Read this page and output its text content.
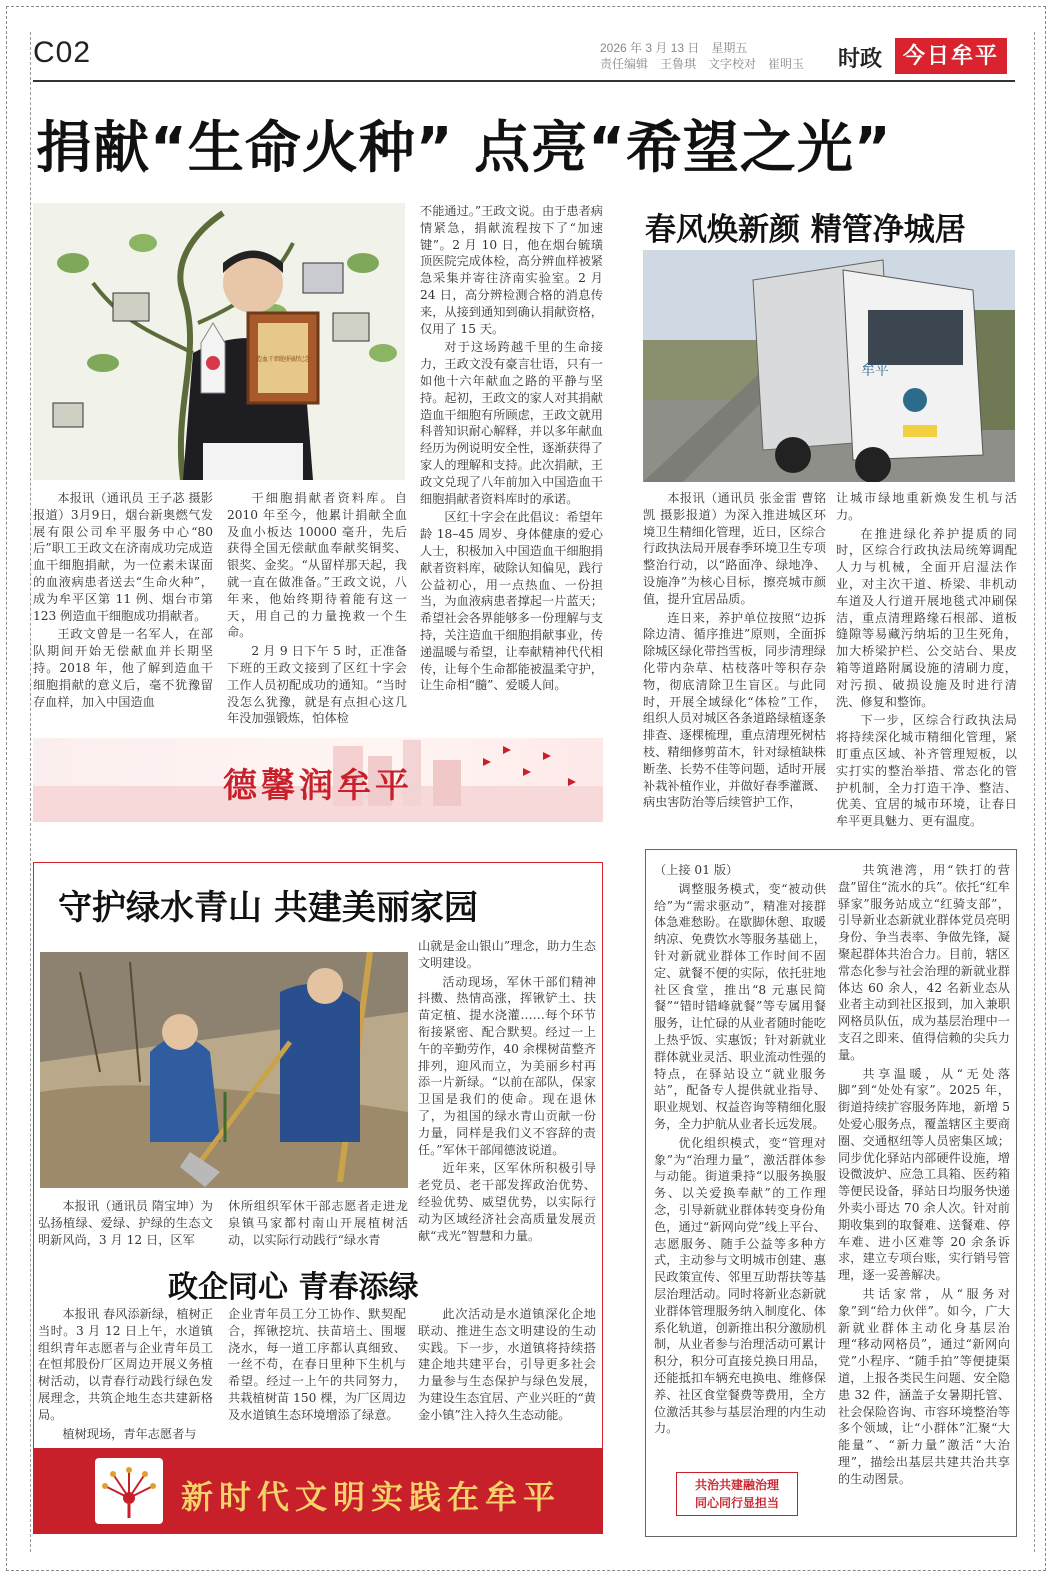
C02	2026 年 3 月 13 日　星期五
责任编辑　王鲁琪　文字校对　崔明玉 时政 今日牟平
捐献“生命火种” 点亮“希望之光”
造血干细胞捐献纪念

本报讯（通讯员 王子苾 摄影报道）3月9日，烟台新奥燃气发展有限公司牟平服务中心“80后”职工王政文在济南成功完成造血干细胞捐献，为一位素未谋面的血液病患者送去“生命火种”，成为牟平区第 11 例、烟台市第 123 例造血干细胞成功捐献者。

王政文曾是一名军人，在部队期间开始无偿献血并长期坚持。2018 年，他了解到造血干细胞捐献的意义后，毫不犹豫留存血样，加入中国造血

干细胞捐献者资料库。自 2010 年至今，他累计捐献全血及血小板达 10000 毫升，先后获得全国无偿献血奉献奖铜奖、银奖、金奖。“从留样那天起，我就一直在做准备。”王政文说，八年来，他始终期待着能有这一天，用自己的力量挽救一个生命。

2 月 9 日下午 5 时，正准备下班的王政文接到了区红十字会工作人员初配成功的通知。“当时没怎么犹豫，就是有点担心这几年没加强锻炼，怕体检

不能通过。”王政文说。由于患者病情紧急，捐献流程按下了“加速键”。2 月 10 日，他在烟台毓璜顶医院完成体检，高分辨血样被紧急采集并寄往济南实验室。2 月 24 日，高分辨检测合格的消息传来，从接到通知到确认捐献资格，仅用了 15 天。

对于这场跨越千里的生命接力，王政文没有豪言壮语，只有一如他十六年献血之路的平静与坚持。起初，王政文的家人对其捐献造血干细胞有所顾虑，王政文就用科普知识耐心解释，并以多年献血经历为例说明安全性，逐渐获得了家人的理解和支持。此次捐献，王政文兑现了八年前加入中国造血干细胞捐献者资料库时的承诺。

区红十字会在此倡议：希望年龄 18–45 周岁、身体健康的爱心人士，积极加入中国造血干细胞捐献者资料库，破除认知偏见，践行公益初心，用一点热血、一份担当，为血液病患者撑起一片蓝天；希望社会各界能够多一份理解与支持，关注造血干细胞捐献事业，传递温暖与希望，让奉献精神代代相传，让每个生命都能被温柔守护，让生命相“髓”、爱暖人间。

德馨润牟平
春风焕新颜 精管净城居
牟平

本报讯（通讯员 张金雷 曹铭凯 摄影报道）为深入推进城区环境卫生精细化管理，近日，区综合行政执法局开展春季环境卫生专项整治行动，以“路面净、绿地净、设施净”为核心目标，擦亮城市颜值，提升宜居品质。

连日来，养护单位按照“边拆除边清、循序推进”原则，全面拆除城区绿化带挡雪板，同步清理绿化带内杂草、枯枝落叶等积存杂物，彻底清除卫生盲区。与此同时，开展全域绿化“体检”工作，组织人员对城区各条道路绿植逐条排查、逐棵梳理，重点清理死树枯枝、精细修剪苗木，针对绿植缺株断垄、长势不佳等问题，适时开展补栽补植作业，并做好春季灌溉、病虫害防治等后续管护工作，

让城市绿地重新焕发生机与活力。

在推进绿化养护提质的同时，区综合行政执法局统筹调配人力与机械，全面开启湿法作业，对主次干道、桥梁、非机动车道及人行道开展地毯式冲刷保洁，重点清理路缘石根部、道板缝隙等易藏污纳垢的卫生死角，加大桥梁护栏、公交站台、果皮箱等道路附属设施的清刷力度，对污损、破损设施及时进行清洗、修复和整饰。

下一步，区综合行政执法局将持续深化城市精细化管理，紧盯重点区域、补齐管理短板，以实打实的整治举措、常态化的管护机制，全力打造干净、整洁、优美、宜居的城市环境，让春日牟平更具魅力、更有温度。

守护绿水青山 共建美丽家园

本报讯（通讯员 隋宝坤）为弘扬植绿、爱绿、护绿的生态文明新风尚，3 月 12 日，区军

休所组织军休干部志愿者走进龙泉镇马家都村南山开展植树活动，以实际行动践行“绿水青

山就是金山银山”理念，助力生态文明建设。

活动现场，军休干部们精神抖擞、热情高涨，挥锹铲土、扶苗定植、提水浇灌……每个环节衔接紧密、配合默契。经过一上午的辛勤劳作，40 余棵树苗整齐排列，迎风而立，为美丽乡村再添一片新绿。“以前在部队，保家卫国是我们的使命。现在退休了，为祖国的绿水青山贡献一份力量，同样是我们义不容辞的责任。”军休干部闻德波说道。

近年来，区军休所积极引导老党员、老干部发挥政治优势、经验优势、威望优势，以实际行动为区域经济社会高质量发展贡献“戎光”智慧和力量。

政企同心 青春添绿

本报讯 春风添新绿，植树正当时。3 月 12 日上午，水道镇组织青年志愿者与企业青年员工在恒邦股份厂区周边开展义务植树活动，以青春行动践行绿色发展理念，共筑企地生态共建新格局。

植树现场，青年志愿者与

企业青年员工分工协作、默契配合，挥锹挖坑、扶苗培土、围堰浇水，每一道工序都认真细致、一丝不苟，在春日里种下生机与希望。经过一上午的共同努力，共栽植树苗 150 棵，为厂区周边及水道镇生态环境增添了绿意。

此次活动是水道镇深化企地联动、推进生态文明建设的生动实践。下一步，水道镇将持续搭建企地共建平台，引导更多社会力量参与生态保护与绿色发展，为建设生态宜居、产业兴旺的“黄金小镇”注入持久生态动能。

新时代文明实践在牟平

（上接 01 版）

调整服务模式，变“被动供给”为“需求驱动”，精准对接群体急难愁盼。在歇脚休憩、取暖纳凉、免费饮水等服务基础上，针对新就业群体工作时间不固定、就餐不便的实际，依托驻地社区食堂，推出“8 元惠民简餐”“错时错峰就餐”等专属用餐服务，让忙碌的从业者随时能吃上热乎饭、实惠饭；针对新就业群体就业灵活、职业流动性强的特点，在驿站设立“就业服务站”，配备专人提供就业指导、职业规划、权益咨询等精细化服务，全力护航从业者长远发展。

优化组织模式，变“管理对象”为“治理力量”，激活群体参与动能。街道秉持“以服务换服务、以关爱换奉献”的工作理念，引导新就业群体转变身份角色，通过“新网向党”线上平台、志愿服务、随手公益等多种方式，主动参与文明城市创建、惠民政策宣传、邻里互助帮扶等基层治理活动。同时将新业态新就业群体管理服务纳入制度化、体系化轨道，创新推出积分激励机制，从业者参与治理活动可累计积分，积分可直接兑换日用品，还能抵扣车辆充电换电、维修保养、社区食堂餐费等费用，全方位激活其参与基层治理的内生动力。

共筑港湾，用“铁打的营盘”留住“流水的兵”。依托“红牟驿家”服务站成立“红骑支部”，引导新业态新就业群体党员亮明身份、争当表率、争做先锋，凝聚起群体共治合力。目前，辖区常态化参与社会治理的新就业群体达 60 余人，42 名新业态从业者主动到社区报到，加入兼职网格员队伍，成为基层治理中一支召之即来、值得信赖的尖兵力量。

共享温暖，从“无处落脚”到“处处有家”。2025 年，街道持续扩容服务阵地，新增 5 处爱心服务点，覆盖辖区主要商圈、交通枢纽等人员密集区域；同步优化驿站内部硬件设施，增设微波炉、应急工具箱、医药箱等便民设备，驿站日均服务快递外卖小哥达 70 余人次。针对前期收集到的取餐难、送餐难、停车难、进小区难等 20 余条诉求，建立专项台账，实行销号管理，逐一妥善解决。

共话家常，从“服务对象”到“给力伙伴”。如今，广大新就业群体主动化身基层治理“移动网格员”，通过“新网向党”小程序、“随手拍”等便捷渠道，上报各类民生问题、安全隐患 32 件，涵盖子女暑期托管、社会保险咨询、市容环境整治等多个领域，让“小群体”汇聚“大能量”、“新力量”激活“大治理”，描绘出基层共建共治共享的生动图景。

共治共建融治理
同心同行显担当
